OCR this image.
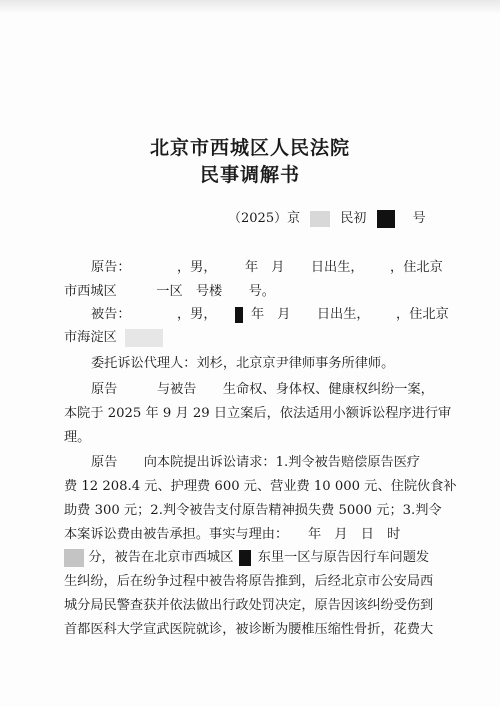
北京市西城区人民法院
民事调解书
（2025）京	民初	号
原告：	，男， 年　月　　日出生， ，住北京
市西城区　　　一区　号楼　　号。
被告：	，男，	年　月　　日出生， ，住北京
市海淀区
委托诉讼代理人：刘杉，北京京尹律师事务所律师。
原告　　　与被告　　生命权、身体权、健康权纠纷一案，
本院于 2025 年 9 月 29 日立案后，依法适用小额诉讼程序进行审
理。
原告　　向本院提出诉讼请求：1.判令被告赔偿原告医疗
费 12 208.4 元、护理费 600 元、营业费 10 000 元、住院伙食补
助费 300 元；2.判令被告支付原告精神损失费 5000 元；3.判令
本案诉讼费由被告承担。事实与理由：　　年　月　日　时
分，被告在北京市西城区 东里一区与原告因行车问题发
生纠纷，后在纷争过程中被告将原告推到，后经北京市公安局西
城分局民警查获并依法做出行政处罚决定，原告因该纠纷受伤到
首都医科大学宣武医院就诊，被诊断为腰椎压缩性骨折，花费大
